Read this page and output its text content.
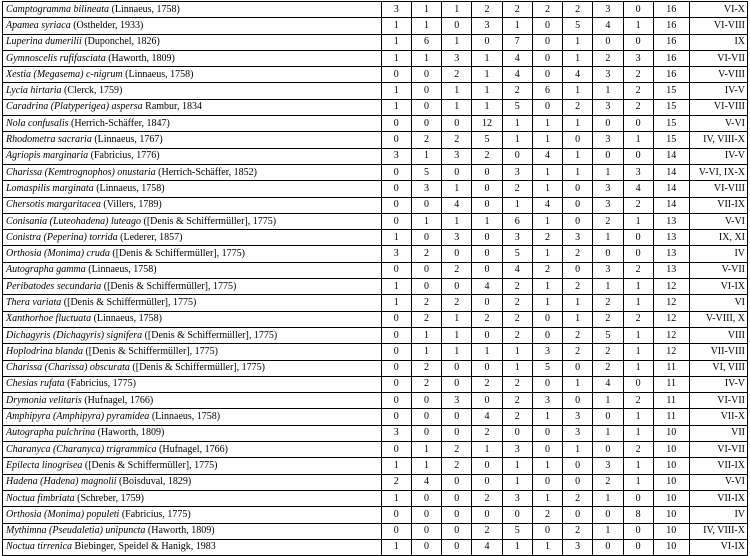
Camptogramma bilineata (Linnaeus, 1758)	3	1	1	2	2	2	2	3	0	16	VI-X
Apamea syriaca (Osthelder, 1933)	1	1	0	3	1	0	5	4	1	16	VI-VIII
Luperina dumerilii (Duponchel, 1826)	1	6	1	0	7	0	1	0	0	16	IX
Gymnoscelis rufifasciata (Haworth, 1809)	1	1	3	1	4	0	1	2	3	16	VI-VII
Xestia (Megasema) c-nigrum (Linnaeus, 1758)	0	0	2	1	4	0	4	3	2	16	V-VIII
Lycia hirtaria (Clerck, 1759)	1	0	1	1	2	6	1	1	2	15	IV-V
Caradrina (Platyperigea) aspersa Rambur, 1834	1	0	1	1	5	0	2	3	2	15	VI-VIII
Nola confusalis (Herrich-Schäffer, 1847)	0	0	0	12	1	1	1	0	0	15	V-VI
Rhodometra sacraria (Linnaeus, 1767)	0	2	2	5	1	1	0	3	1	15	IV, VIII-X
Agriopis marginaria (Fabricius, 1776)	3	1	3	2	0	4	1	0	0	14	IV-V
Charissa (Kemtrognophos) onustaria (Herrich-Schäffer, 1852)	0	5	0	0	3	1	1	1	3	14	V-VI, IX-X
Lomaspilis marginata (Linnaeus, 1758)	0	3	1	0	2	1	0	3	4	14	VI-VIII
Chersotis margaritacea (Villers, 1789)	0	0	4	0	1	4	0	3	2	14	VII-IX
Conisania (Luteohadena) luteago ([Denis & Schiffermüller], 1775)	0	1	1	1	6	1	0	2	1	13	V-VI
Conistra (Peperina) torrida (Lederer, 1857)	1	0	3	0	3	2	3	1	0	13	IX, XI
Orthosia (Monima) cruda ([Denis & Schiffermüller], 1775)	3	2	0	0	5	1	2	0	0	13	IV
Autographa gamma (Linnaeus, 1758)	0	0	2	0	4	2	0	3	2	13	V-VII
Peribatodes secundaria ([Denis & Schiffermüller], 1775)	1	0	0	4	2	1	2	1	1	12	VI-IX
Thera variata ([Denis & Schiffermüller], 1775)	1	2	2	0	2	1	1	2	1	12	VI
Xanthorhoe fluctuata (Linnaeus, 1758)	0	2	1	2	2	0	1	2	2	12	V-VIII, X
Dichagyris (Dichagyris) signifera ([Denis & Schiffermüller], 1775)	0	1	1	0	2	0	2	5	1	12	VIII
Hoplodrina blanda ([Denis & Schiffermüller], 1775)	0	1	1	1	1	3	2	2	1	12	VII-VIII
Charissa (Charissa) obscurata ([Denis & Schiffermüller], 1775)	0	2	0	0	1	5	0	2	1	11	VI, VIII
Chesias rufata (Fabricius, 1775)	0	2	0	2	2	0	1	4	0	11	IV-V
Drymonia velitaris (Hufnagel, 1766)	0	0	3	0	2	3	0	1	2	11	VI-VII
Amphipyra (Amphipyra) pyramidea (Linnaeus, 1758)	0	0	0	4	2	1	3	0	1	11	VII-X
Autographa pulchrina (Haworth, 1809)	3	0	0	2	0	0	3	1	1	10	VII
Charanyca (Charanyca) trigrammica (Hufnagel, 1766)	0	1	2	1	3	0	1	0	2	10	VI-VII
Epilecta linogrisea ([Denis & Schiffermüller], 1775)	1	1	2	0	1	1	0	3	1	10	VII-IX
Hadena (Hadena) magnolii (Boisduval, 1829)	2	4	0	0	1	0	0	2	1	10	V-VI
Noctua fimbriata (Schreber, 1759)	1	0	0	2	3	1	2	1	0	10	VII-IX
Orthosia (Monima) populeti (Fabricius, 1775)	0	0	0	0	0	2	0	0	8	10	IV
Mythimna (Pseudaletia) unipuncta (Haworth, 1809)	0	0	0	2	5	0	2	1	0	10	IV, VIII-X
Noctua tirrenica Biebinger, Speidel & Hanigk, 1983	1	0	0	4	1	1	3	0	0	10	VI-IX
